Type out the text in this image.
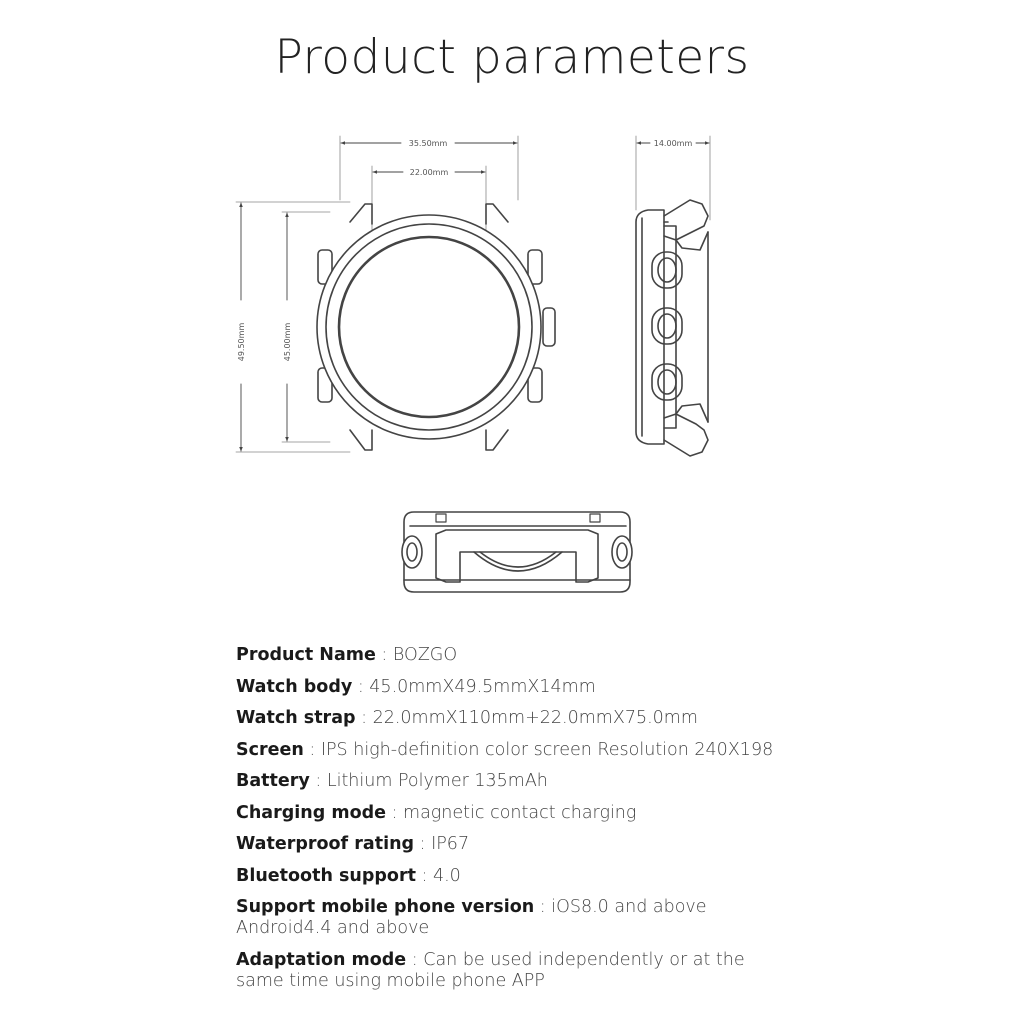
Product parameters
35.50mm
22.00mm
49.50mm	45.00mm
14.00mm

Product Name : BOZGO

Watch body : 45.0mmX49.5mmX14mm

Watch strap : 22.0mmX110mm+22.0mmX75.0mm

Screen : IPS high-definition color screen Resolution 240X198

Battery : Lithium Polymer 135mAh

Charging mode : magnetic contact charging

Waterproof rating : IP67

Bluetooth support : 4.0

Support mobile phone version : iOS8.0 and above Android4.4 and above

Adaptation mode : Can be used independently or at the same time using mobile phone APP
